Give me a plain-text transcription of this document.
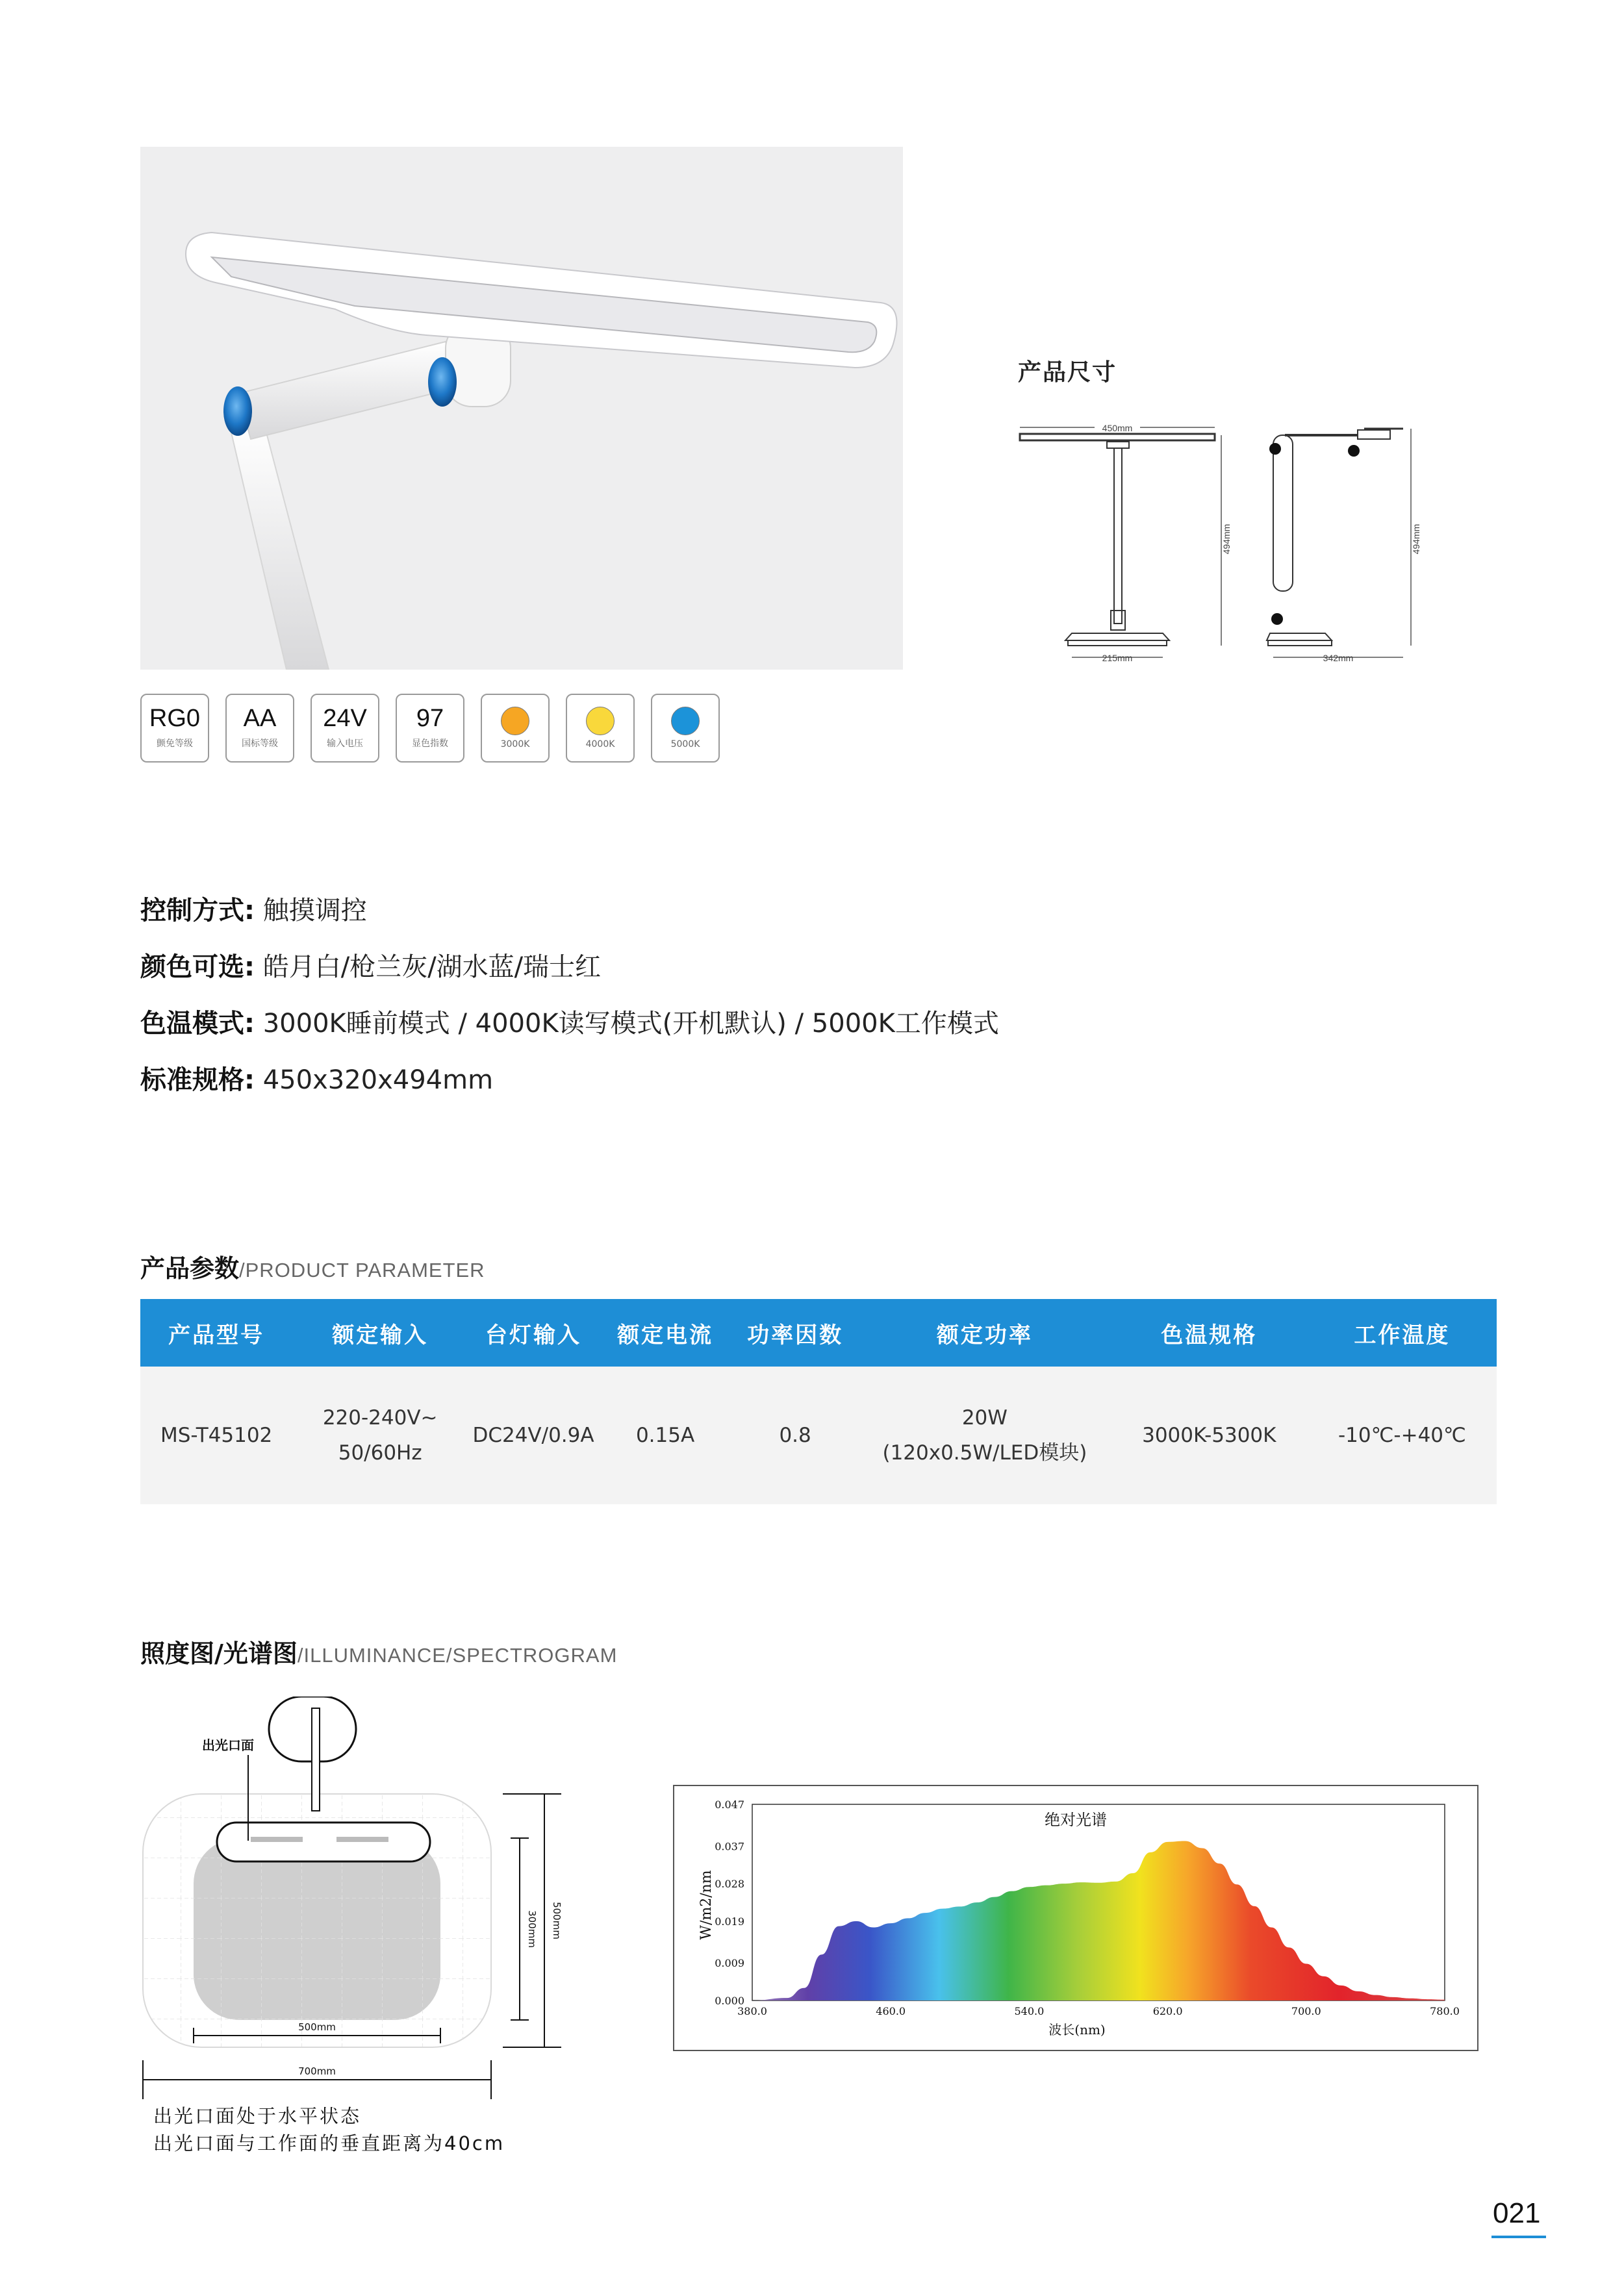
RG0
颤免等级
AA
国标等级
24V
输入电压
97
显色指数	3000K	4000K	5000K
产品尺寸
450mm
215mm
494mm
342mm
494mm
控制方式: 触摸调控
颜色可选: 皓月白/枪兰灰/湖水蓝/瑞士红
色温模式: 3000K睡前模式 / 4000K读写模式(开机默认) / 5000K工作模式
标准规格: 450x320x494mm
产品参数/PRODUCT PARAMETER
产品型号	额定输入	台灯输入	额定电流	功率因数	额定功率	色温规格	工作温度
MS-T45102	220-240V~ 50/60Hz	DC24V/0.9A	0.15A	0.8	20W
(120x0.5W/LED模块)	3000K-5300K	-10℃-+40℃
照度图/光谱图/ILLUMINANCE/SPECTROGRAM
出光口面
300mm 500mm
500mm
700mm
出光口面处于水平状态
出光口面与工作面的垂直距离为40cm
绝对光谱
W/m2/nm
波长(nm)
0.047
0.037
0.028
0.019
0.009
0.000
380.0	460.0	540.0	620.0	700.0	780.0
021
